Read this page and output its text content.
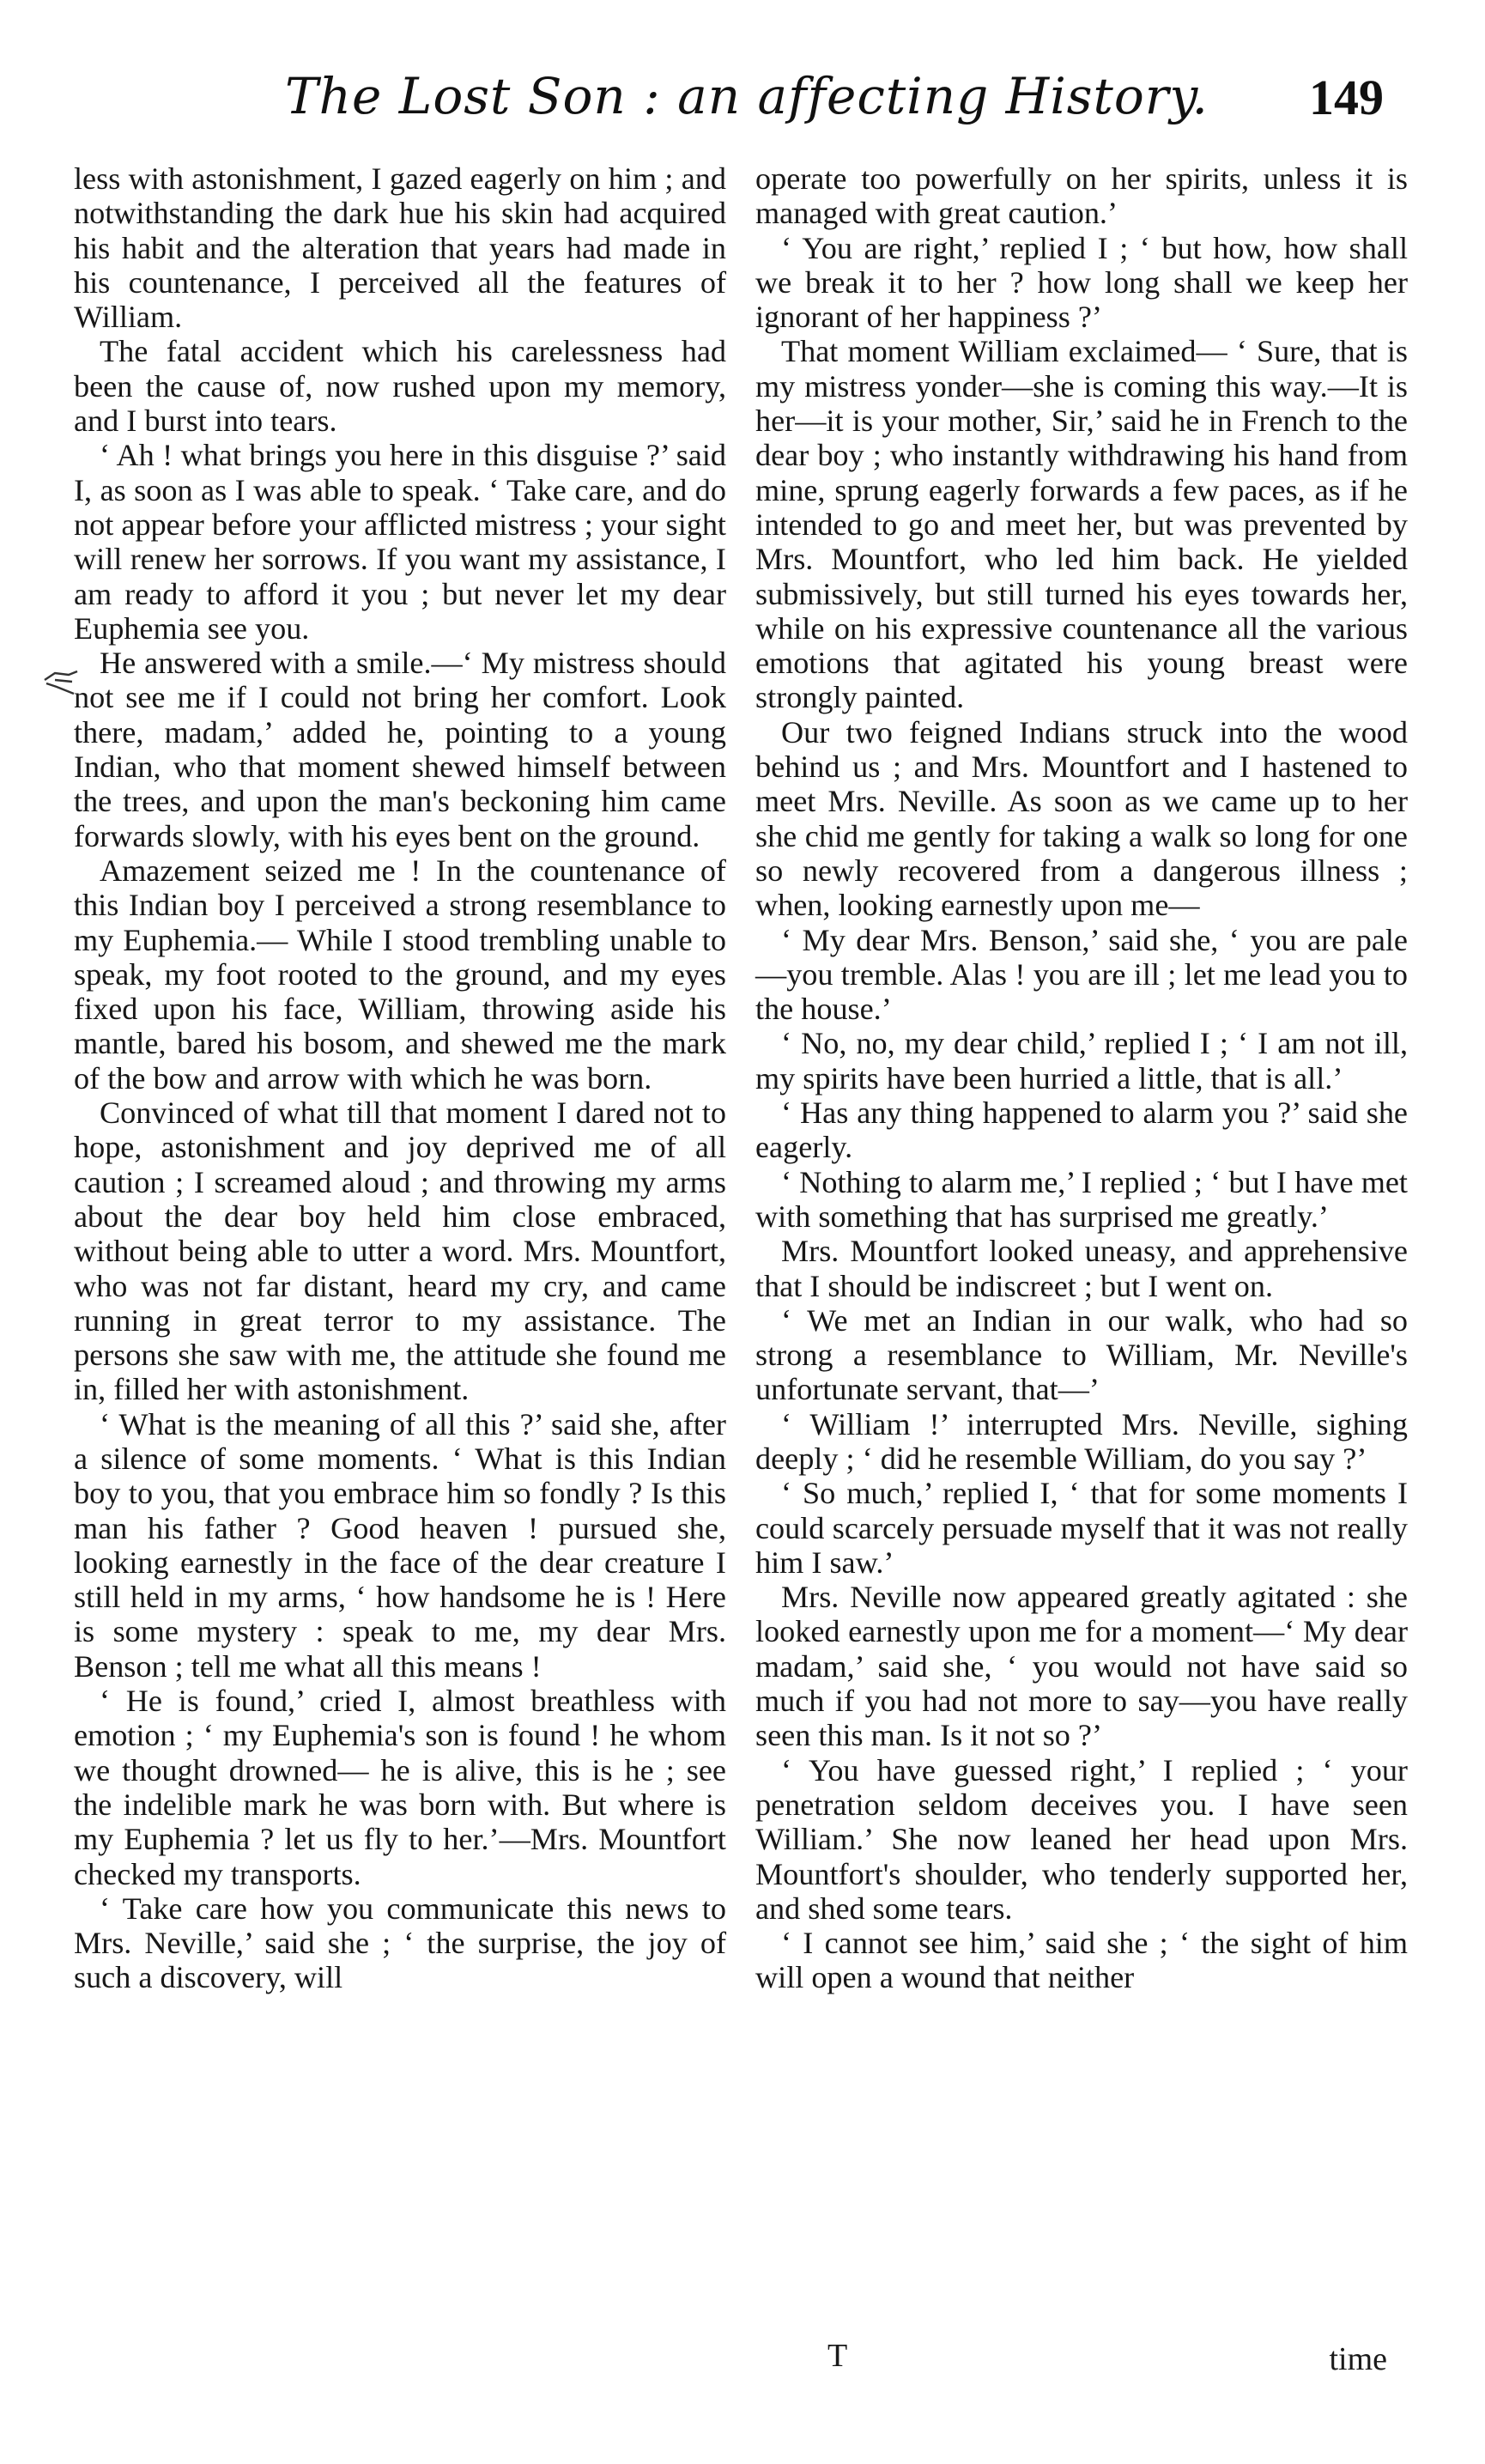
The Lost Son : an affecting History.	149

less with astonishment, I gazed eagerly on him ; and notwithstanding the dark hue his skin had acquired his habit and the alteration that years had made in his countenance, I perceived all the features of William.

The fatal accident which his carelessness had been the cause of, now rushed upon my memory, and I burst into tears.

‘ Ah ! what brings you here in this disguise ?’ said I, as soon as I was able to speak. ‘ Take care, and do not appear before your afflicted mistress ; your sight will renew her sorrows. If you want my assistance, I am ready to afford it you ; but never let my dear Euphemia see you.

He answered with a smile.—‘ My mistress should not see me if I could not bring her comfort. Look there, madam,’ added he, pointing to a young Indian, who that moment shewed himself between the trees, and upon the man's beckoning him came forwards slowly, with his eyes bent on the ground.

Amazement seized me ! In the countenance of this Indian boy I perceived a strong resemblance to my Euphemia.— While I stood trembling unable to speak, my foot rooted to the ground, and my eyes fixed upon his face, William, throwing aside his mantle, bared his bosom, and shewed me the mark of the bow and arrow with which he was born.

Convinced of what till that moment I dared not to hope, astonishment and joy deprived me of all caution ; I screamed aloud ; and throwing my arms about the dear boy held him close embraced, without being able to utter a word. Mrs. Mountfort, who was not far distant, heard my cry, and came running in great terror to my assistance. The persons she saw with me, the attitude she found me in, filled her with astonishment.

‘ What is the meaning of all this ?’ said she, after a silence of some moments. ‘ What is this Indian boy to you, that you embrace him so fondly ? Is this man his father ? Good heaven ! pursued she, looking earnestly in the face of the dear creature I still held in my arms, ‘ how handsome he is ! Here is some mystery : speak to me, my dear Mrs. Benson ; tell me what all this means !

‘ He is found,’ cried I, almost breathless with emotion ; ‘ my Euphemia's son is found ! he whom we thought drowned— he is alive, this is he ; see the indelible mark he was born with. But where is my Euphemia ? let us fly to her.’—Mrs. Mountfort checked my transports.

‘ Take care how you communicate this news to Mrs. Neville,’ said she ; ‘ the surprise, the joy of such a discovery, will

operate too powerfully on her spirits, unless it is managed with great caution.’

‘ You are right,’ replied I ; ‘ but how, how shall we break it to her ? how long shall we keep her ignorant of her happiness ?’

That moment William exclaimed— ‘ Sure, that is my mistress yonder—she is coming this way.—It is her—it is your mother, Sir,’ said he in French to the dear boy ; who instantly withdrawing his hand from mine, sprung eagerly forwards a few paces, as if he intended to go and meet her, but was prevented by Mrs. Mountfort, who led him back. He yielded submissively, but still turned his eyes towards her, while on his expressive countenance all the various emotions that agitated his young breast were strongly painted.

Our two feigned Indians struck into the wood behind us ; and Mrs. Mountfort and I hastened to meet Mrs. Neville. As soon as we came up to her she chid me gently for taking a walk so long for one so newly recovered from a dangerous illness ; when, looking earnestly upon me—

‘ My dear Mrs. Benson,’ said she, ‘ you are pale—you tremble. Alas ! you are ill ; let me lead you to the house.’

‘ No, no, my dear child,’ replied I ; ‘ I am not ill, my spirits have been hurried a little, that is all.’

‘ Has any thing happened to alarm you ?’ said she eagerly.

‘ Nothing to alarm me,’ I replied ; ‘ but I have met with something that has surprised me greatly.’

Mrs. Mountfort looked uneasy, and apprehensive that I should be indiscreet ; but I went on.

‘ We met an Indian in our walk, who had so strong a resemblance to William, Mr. Neville's unfortunate servant, that—’

‘ William !’ interrupted Mrs. Neville, sighing deeply ; ‘ did he resemble William, do you say ?’

‘ So much,’ replied I, ‘ that for some moments I could scarcely persuade myself that it was not really him I saw.’

Mrs. Neville now appeared greatly agitated : she looked earnestly upon me for a moment—‘ My dear madam,’ said she, ‘ you would not have said so much if you had not more to say—you have really seen this man. Is it not so ?’

‘ You have guessed right,’ I replied ; ‘ your penetration seldom deceives you. I have seen William.’ She now leaned her head upon Mrs. Mountfort's shoulder, who tenderly supported her, and shed some tears.

‘ I cannot see him,’ said she ; ‘ the sight of him will open a wound that neither

T	time
